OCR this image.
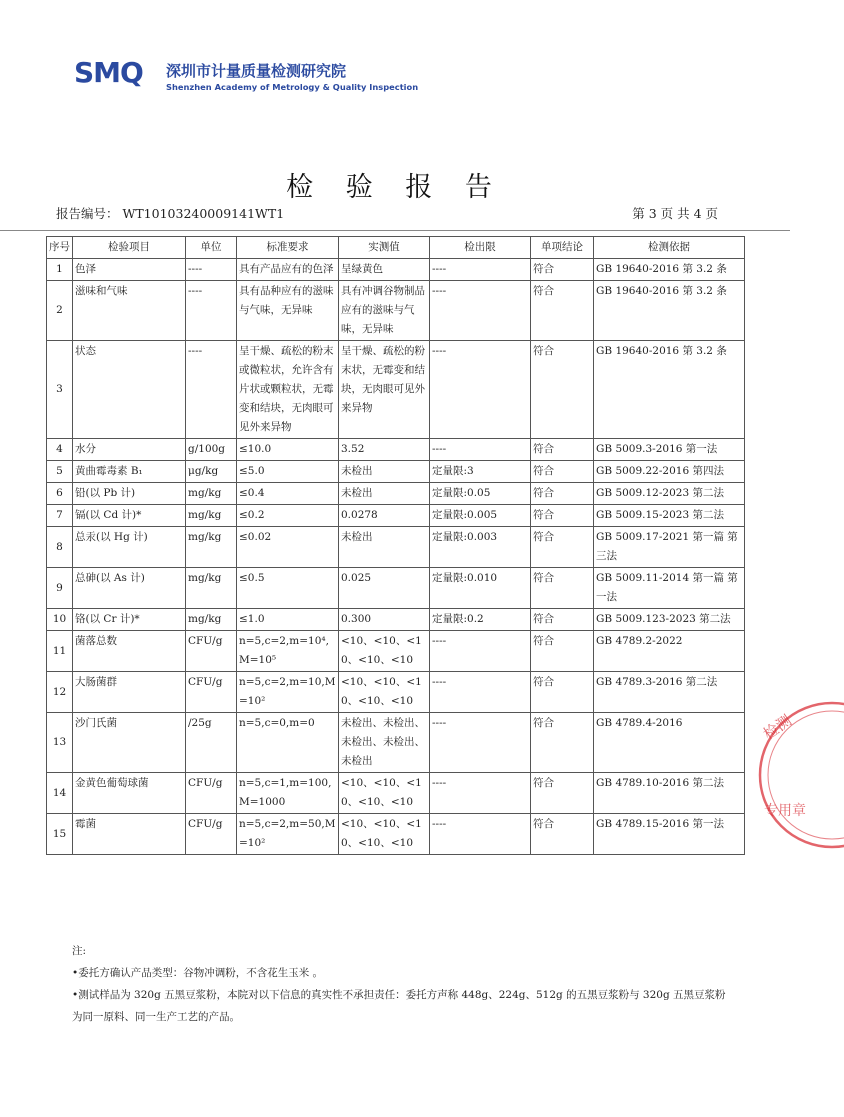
SMQ 深圳市计量质量检测研究院
Shenzhen Academy of Metrology & Quality Inspection
检 验 报 告
报告编号： WT10103240009141WT1	第 3 页 共 4 页
序号	检验项目	单位	标准要求	实测值	检出限	单项结论	检测依据
1	色泽	----	具有产品应有的色泽	呈绿黄色	----	符合	GB 19640-2016 第 3.2 条
2	滋味和气味	----	具有品种应有的滋味与气味，无异味	具有冲调谷物制品应有的滋味与气味，无异味	----	符合	GB 19640-2016 第 3.2 条
3	状态	----	呈干燥、疏松的粉末或微粒状，允许含有片状或颗粒状，无霉变和结块，无肉眼可见外来异物	呈干燥、疏松的粉末状，无霉变和结块，无肉眼可见外来异物	----	符合	GB 19640-2016 第 3.2 条
4	水分	g/100g	≤10.0	3.52	----	符合	GB 5009.3-2016 第一法
5	黄曲霉毒素 B₁	μg/kg	≤5.0	未检出	定量限:3	符合	GB 5009.22-2016 第四法
6	铅(以 Pb 计)	mg/kg	≤0.4	未检出	定量限:0.05	符合	GB 5009.12-2023 第二法
7	镉(以 Cd 计)*	mg/kg	≤0.2	0.0278	定量限:0.005	符合	GB 5009.15-2023 第二法
8	总汞(以 Hg 计)	mg/kg	≤0.02	未检出	定量限:0.003	符合	GB 5009.17-2021 第一篇 第三法
9	总砷(以 As 计)	mg/kg	≤0.5	0.025	定量限:0.010	符合	GB 5009.11-2014 第一篇 第一法
10	铬(以 Cr 计)*	mg/kg	≤1.0	0.300	定量限:0.2	符合	GB 5009.123-2023 第二法
11	菌落总数	CFU/g	n=5,c=2,m=10⁴,M=10⁵	<10、<10、<10、<10、<10	----	符合	GB 4789.2-2022
12	大肠菌群	CFU/g	n=5,c=2,m=10,M=10²	<10、<10、<10、<10、<10	----	符合	GB 4789.3-2016 第二法
13	沙门氏菌	/25g	n=5,c=0,m=0	未检出、未检出、未检出、未检出、未检出	----	符合	GB 4789.4-2016
14	金黄色葡萄球菌	CFU/g	n=5,c=1,m=100,M=1000	<10、<10、<10、<10、<10	----	符合	GB 4789.10-2016 第二法
15	霉菌	CFU/g	n=5,c=2,m=50,M=10²	<10、<10、<10、<10、<10	----	符合	GB 4789.15-2016 第一法
注:
•委托方确认产品类型：谷物冲调粉，不含花生玉米 。
•测试样品为 320g 五黑豆浆粉，本院对以下信息的真实性不承担责任：委托方声称 448g、224g、512g 的五黑豆浆粉与 320g 五黑豆浆粉为同一原料、同一生产工艺的产品。
检测
专用章
